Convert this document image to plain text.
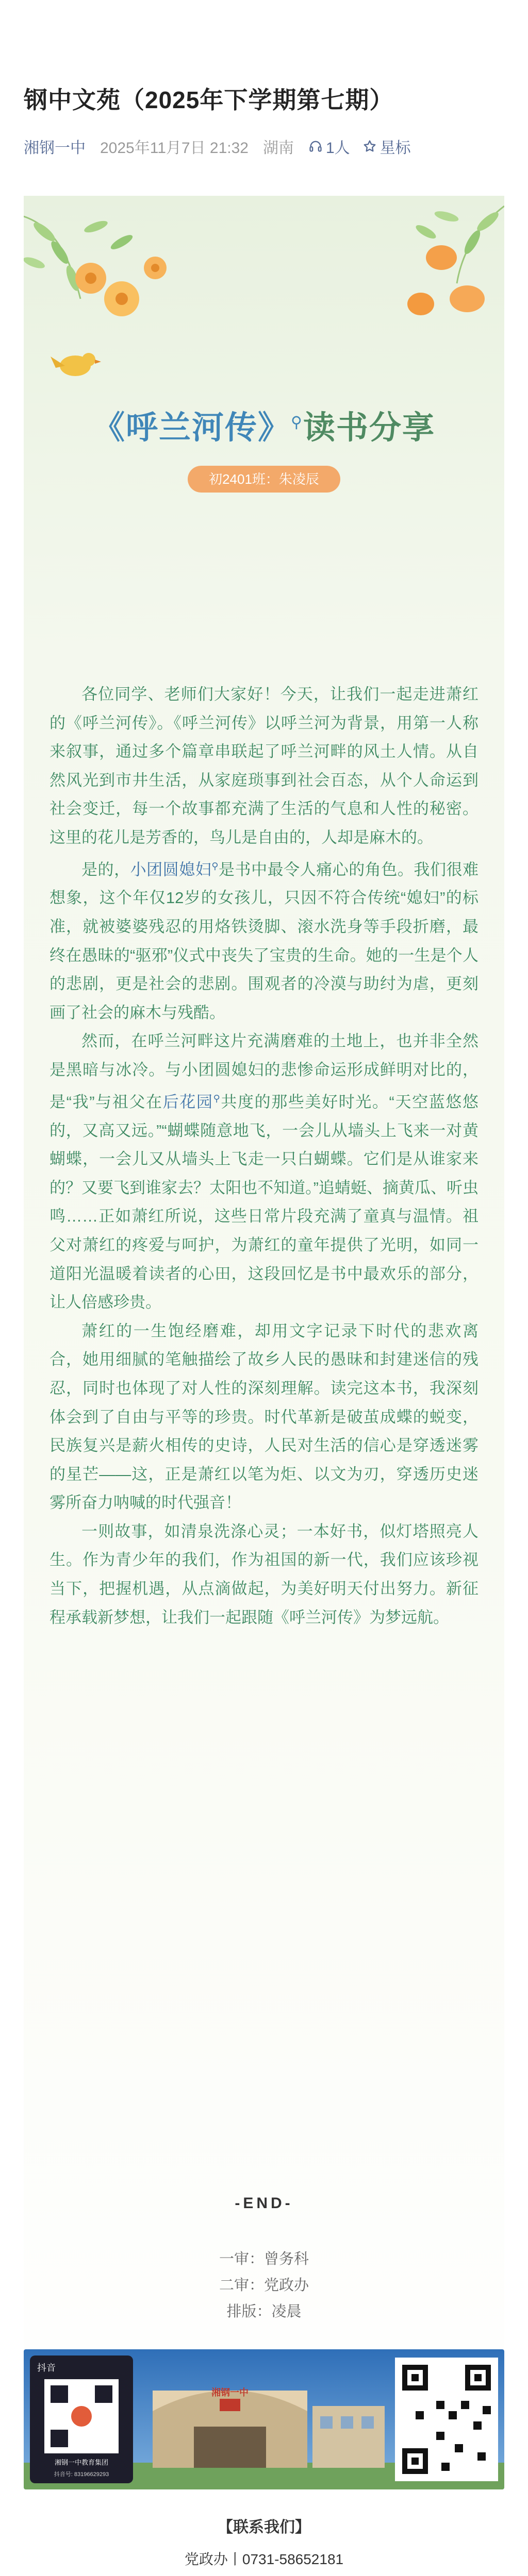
钢中文苑（2025年下学期第七期）
湘钢一中 2025年11月7日 21:32 湖南 1人 星标
《呼兰河传》⚲读书分享
初2401班：朱凌辰

各位同学、老师们大家好！今天，让我们一起走进萧红的《呼兰河传》。《呼兰河传》以呼兰河为背景，用第一人称来叙事，通过多个篇章串联起了呼兰河畔的风土人情。从自然风光到市井生活，从家庭琐事到社会百态，从个人命运到社会变迁，每一个故事都充满了生活的气息和人性的秘密。这里的花儿是芳香的，鸟儿是自由的，人却是麻木的。

是的，小团圆媳妇⚲是书中最令人痛心的角色。我们很难想象，这个年仅12岁的女孩儿，只因不符合传统“媳妇”的标准，就被婆婆残忍的用烙铁烫脚、滚水洗身等手段折磨，最终在愚昧的“驱邪”仪式中丧失了宝贵的生命。她的一生是个人的悲剧，更是社会的悲剧。围观者的冷漠与助纣为虐，更刻画了社会的麻木与残酷。

然而，在呼兰河畔这片充满磨难的土地上，也并非全然是黑暗与冰冷。与小团圆媳妇的悲惨命运形成鲜明对比的，是“我”与祖父在后花园⚲共度的那些美好时光。“天空蓝悠悠的，又高又远。”“蝴蝶随意地飞，一会儿从墙头上飞来一对黄蝴蝶，一会儿又从墙头上飞走一只白蝴蝶。它们是从谁家来的？又要飞到谁家去？太阳也不知道。”追蜻蜓、摘黄瓜、听虫鸣……正如萧红所说，这些日常片段充满了童真与温情。祖父对萧红的疼爱与呵护，为萧红的童年提供了光明，如同一道阳光温暖着读者的心田，这段回忆是书中最欢乐的部分，让人倍感珍贵。

萧红的一生饱经磨难，却用文字记录下时代的悲欢离合，她用细腻的笔触描绘了故乡人民的愚昧和封建迷信的残忍，同时也体现了对人性的深刻理解。读完这本书，我深刻体会到了自由与平等的珍贵。时代革新是破茧成蝶的蜕变，民族复兴是薪火相传的史诗，人民对生活的信心是穿透迷雾的星芒——这，正是萧红以笔为炬、以文为刃，穿透历史迷雾所奋力呐喊的时代强音！

一则故事，如清泉洗涤心灵；一本好书，似灯塔照亮人生。作为青少年的我们，作为祖国的新一代，我们应该珍视当下，把握机遇，从点滴做起，为美好明天付出努力。新征程承载新梦想，让我们一起跟随《呼兰河传》为梦远航。

-END-
一审：曾务科
二审：党政办
排版：凌晨
抖音
湘钢一中教育集团
抖音号: 83196629293
湘钢一中
【联系我们】
党政办丨0731-58652181
